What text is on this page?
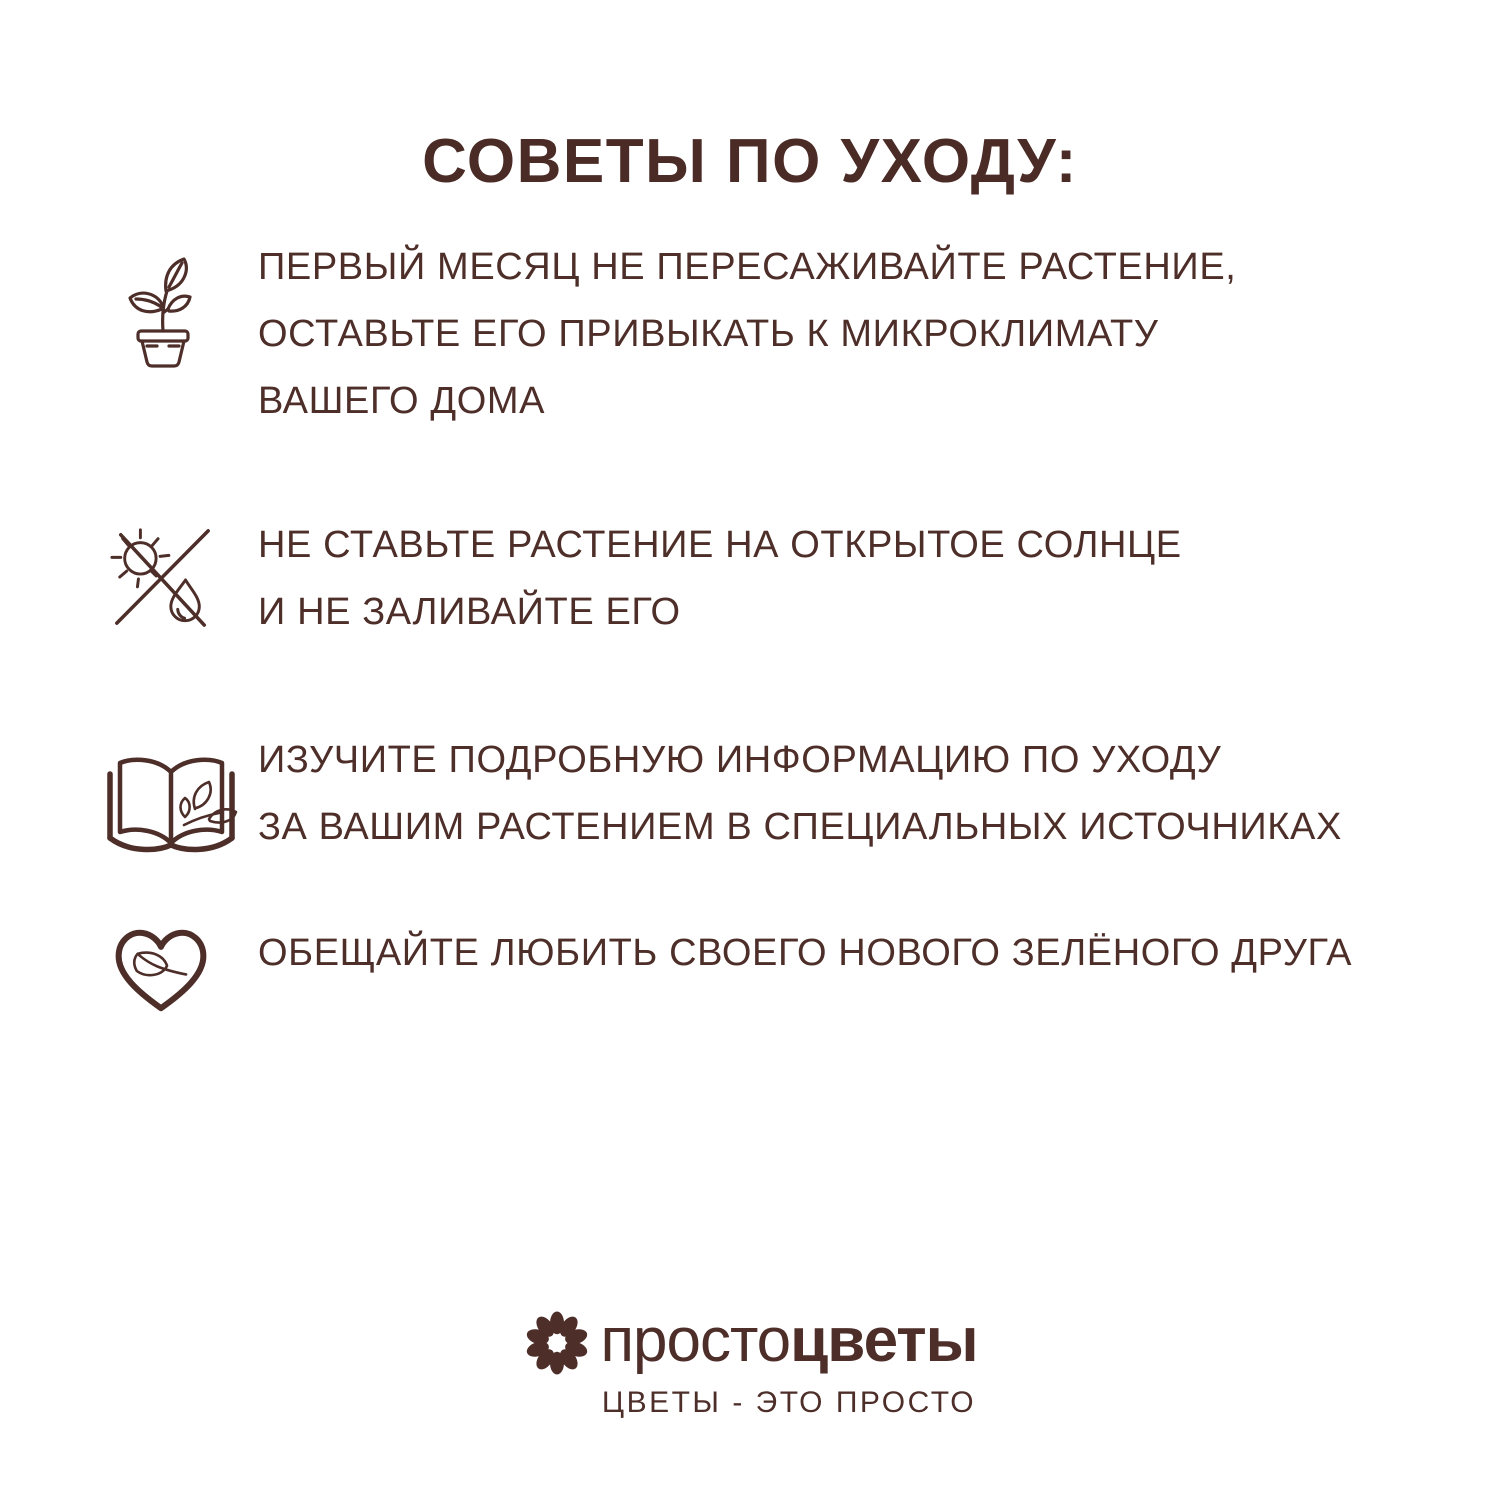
СОВЕТЫ ПО УХОДУ:
ПЕРВЫЙ МЕСЯЦ НЕ ПЕРЕСАЖИВАЙТЕ РАСТЕНИЕ,
ОСТАВЬТЕ ЕГО ПРИВЫКАТЬ К МИКРОКЛИМАТУ
ВАШЕГО ДОМА
НЕ СТАВЬТЕ РАСТЕНИЕ НА ОТКРЫТОЕ СОЛНЦЕ
И НЕ ЗАЛИВАЙТЕ ЕГО
ИЗУЧИТЕ ПОДРОБНУЮ ИНФОРМАЦИЮ ПО УХОДУ
ЗА ВАШИМ РАСТЕНИЕМ В СПЕЦИАЛЬНЫХ ИСТОЧНИКАХ
ОБЕЩАЙТЕ ЛЮБИТЬ СВОЕГО НОВОГО ЗЕЛЁНОГО ДРУГА
простоцветы
ЦВЕТЫ - ЭТО ПРОСТО
